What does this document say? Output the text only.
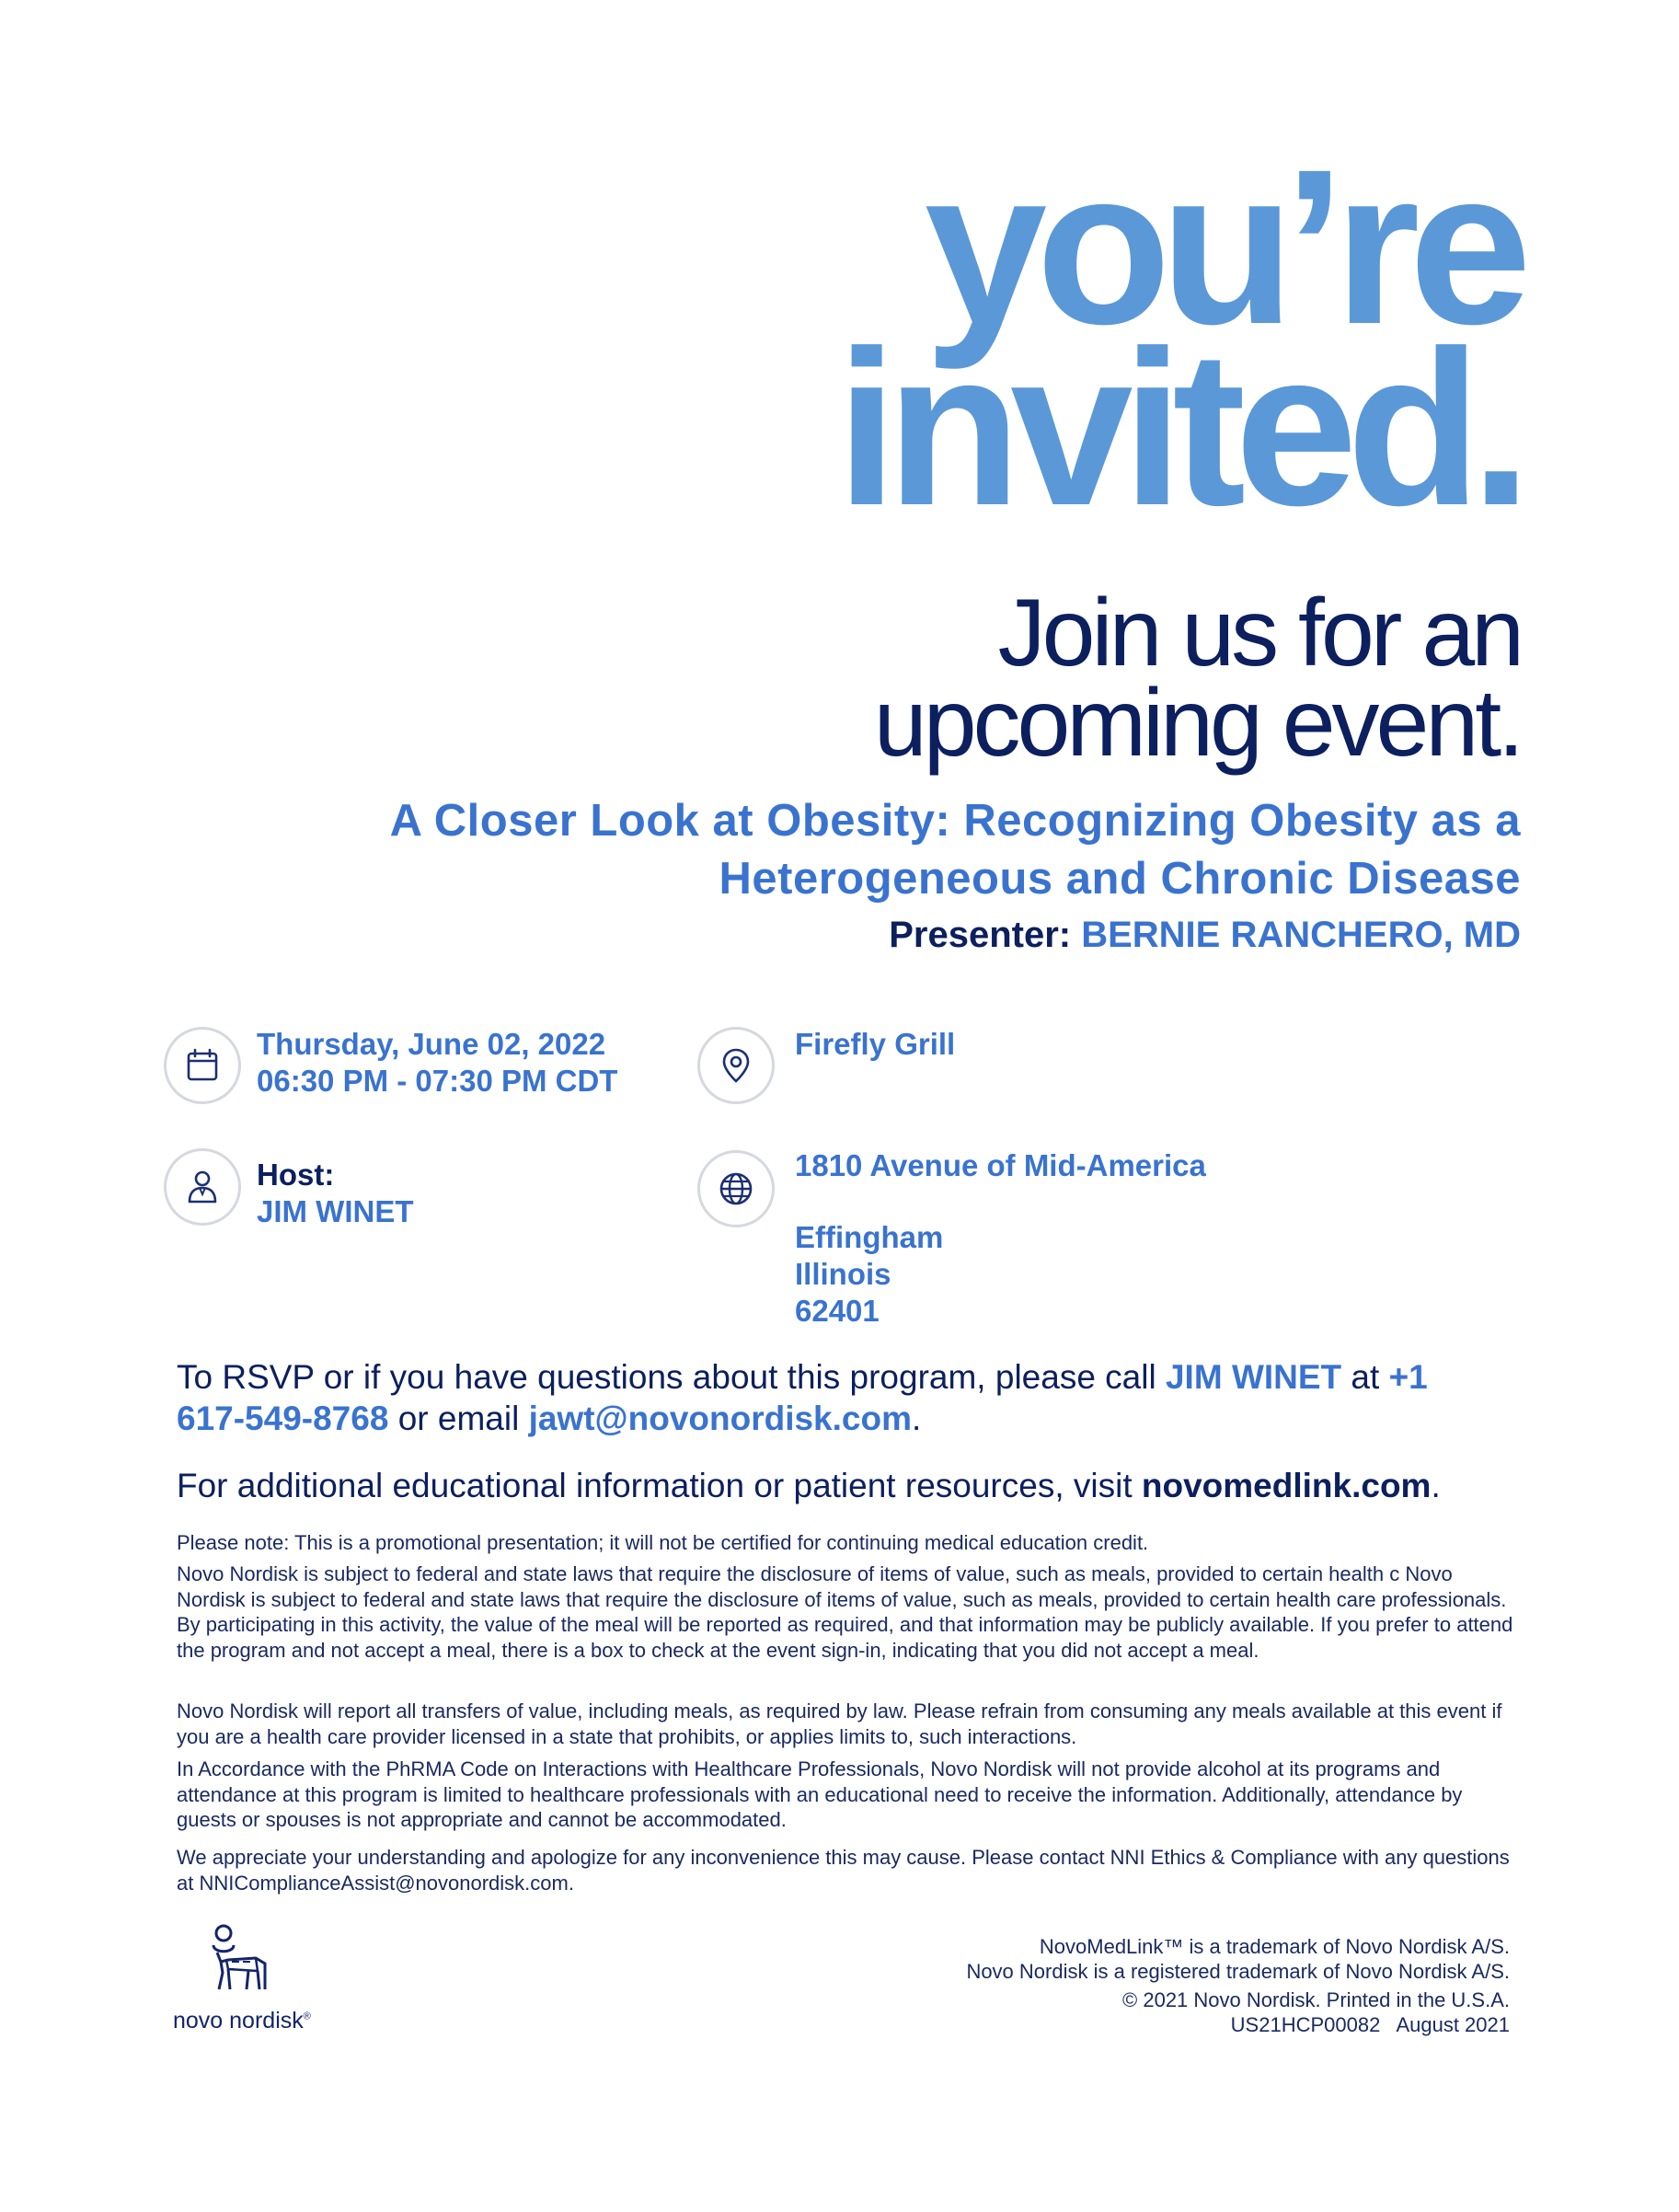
you’re
invited.
Join us for an
upcoming event.

A Closer Look at Obesity: Recognizing Obesity as a

Heterogeneous and Chronic Disease

Presenter: BERNIE RANCHERO, MD

Thursday, June 02, 2022
06:30 PM - 07:30 PM CDT
Firefly Grill
Host:
JIM WINET
1810 Avenue of Mid-America
Effingham
Illinois
62401

To RSVP or if you have questions about this program, please call JIM WINET at +1 617-549-8768 or email jawt@novonordisk.com.

For additional educational information or patient resources, visit novomedlink.com.

Please note: This is a promotional presentation; it will not be certified for continuing medical education credit.

Novo Nordisk is subject to federal and state laws that require the disclosure of items of value, such as meals, provided to certain health c Novo Nordisk is subject to federal and state laws that require the disclosure of items of value, such as meals, provided to certain health care professionals. By participating in this activity, the value of the meal will be reported as required, and that information may be publicly available. If you prefer to attend the program and not accept a meal, there is a box to check at the event sign-in, indicating that you did not accept a meal.

Novo Nordisk will report all transfers of value, including meals, as required by law. Please refrain from consuming any meals available at this event if you are a health care provider licensed in a state that prohibits, or applies limits to, such interactions.

In Accordance with the PhRMA Code on Interactions with Healthcare Professionals, Novo Nordisk will not provide alcohol at its programs and attendance at this program is limited to healthcare professionals with an educational need to receive the information. Additionally, attendance by guests or spouses is not appropriate and cannot be accommodated.

We appreciate your understanding and apologize for any inconvenience this may cause. Please contact NNI Ethics & Compliance with any questions at NNIComplianceAssist@novonordisk.com.

novo nordisk®

NovoMedLink™ is a trademark of Novo Nordisk A/S.

Novo Nordisk is a registered trademark of Novo Nordisk A/S.

© 2021 Novo Nordisk. Printed in the U.S.A.

US21HCP00082   August 2021
